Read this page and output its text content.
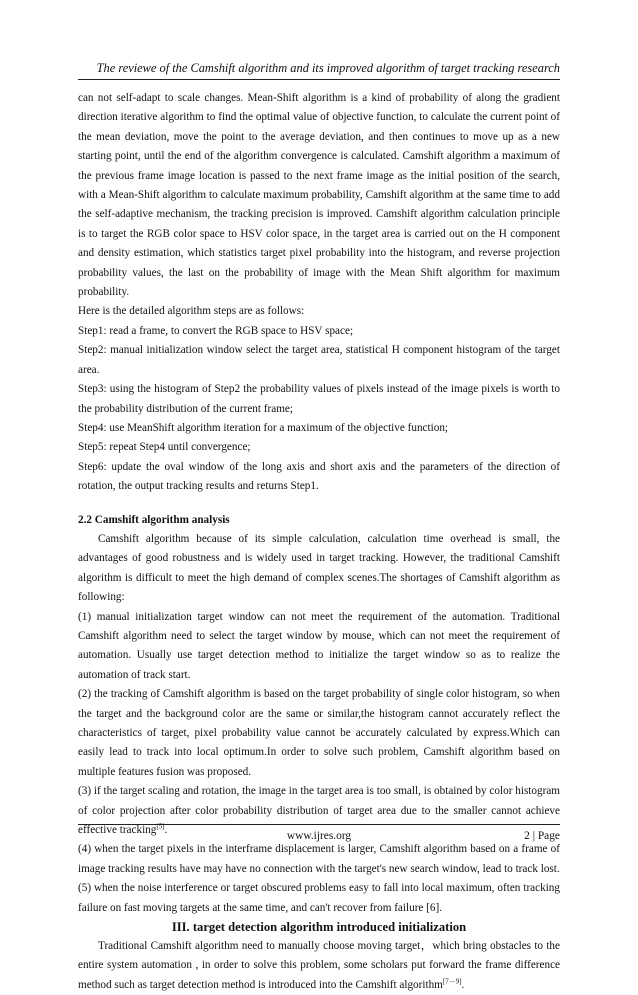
The reviewe of the Camshift algorithm and its improved algorithm of target tracking research

can not self-adapt to scale changes. Mean-Shift algorithm is a kind of probability of along the gradient direction iterative algorithm to find the optimal value of objective function, to calculate the current point of the mean deviation, move the point to the average deviation, and then continues to move up as a new starting point, until the end of the algorithm convergence is calculated. Camshift algorithm a maximum of the previous frame image location is passed to the next frame image as the initial position of the search, with a Mean-Shift algorithm to calculate maximum probability, Camshift algorithm at the same time to add the self-adaptive mechanism, the tracking precision is improved. Camshift algorithm calculation principle is to target the RGB color space to HSV color space, in the target area is carried out on the H component and density estimation, which statistics target pixel probability into the histogram, and reverse projection probability values, the last on the probability of image with the Mean Shift algorithm for maximum probability.

Here is the detailed algorithm steps are as follows:

Step1: read a frame, to convert the RGB space to HSV space;

Step2: manual initialization window select the target area, statistical H component histogram of the target area.

Step3: using the histogram of Step2 the probability values of pixels instead of the image pixels is worth to the probability distribution of the current frame;

Step4: use MeanShift algorithm iteration for a maximum of the objective function;

Step5: repeat Step4 until convergence;

Step6: update the oval window of the long axis and short axis and the parameters of the direction of rotation, the output tracking results and returns Step1.

2.2 Camshift algorithm analysis

Camshift algorithm because of its simple calculation, calculation time overhead is small, the advantages of good robustness and is widely used in target tracking. However, the traditional Camshift algorithm is difficult to meet the high demand of complex scenes.The shortages of Camshift algorithm as following:

(1) manual initialization target window can not meet the requirement of the automation. Traditional Camshift algorithm need to select the target window by mouse, which can not meet the requirement of automation. Usually use target detection method to initialize the target window so as to realize the automation of track start.

(2) the tracking of Camshift algorithm is based on the target probability of single color histogram, so when the target and the background color are the same or similar,the histogram cannot accurately reflect the characteristics of target, pixel probability value cannot be accurately calculated by express.Which can easily lead to track into local optimum.In order to solve such problem, Camshift algorithm based on multiple features fusion was proposed.

(3) if the target scaling and rotation, the image in the target area is too small, is obtained by color histogram of color projection after color probability distribution of target area due to the smaller cannot achieve effective tracking[5].

(4) when the target pixels in the interframe displacement is larger, Camshift algorithm based on a frame of image tracking results have may have no connection with the target's new search window, lead to track lost.

(5) when the noise interference or target obscured problems easy to fall into local maximum, often tracking failure on fast moving targets at the same time, and can't recover from failure [6].

III. target detection algorithm introduced initialization

Traditional Camshift algorithm need to manually choose moving target，which bring obstacles to the entire system automation , in order to solve this problem, some scholars put forward the frame difference method such as target detection method is introduced into the Camshift algorithm[7－9].

www.ijres.org	2 | Page
